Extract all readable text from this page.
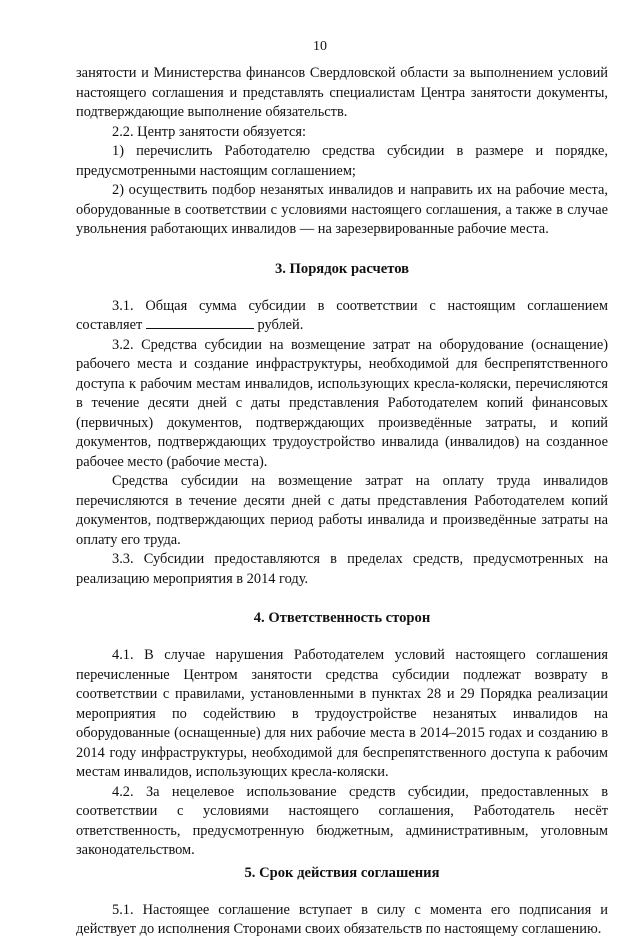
10

занятости и Министерства финансов Свердловской области за выполнением условий настоящего соглашения и представлять специалистам Центра занятости документы, подтверждающие выполнение обязательств.

2.2. Центр занятости обязуется:

1) перечислить Работодателю средства субсидии в размере и порядке, предусмотренными настоящим соглашением;

2) осуществить подбор незанятых инвалидов и направить их на рабочие места, оборудованные в соответствии с условиями настоящего соглашения, а также в случае увольнения работающих инвалидов — на зарезервированные рабочие места.

3. Порядок расчетов

3.1. Общая сумма субсидии в соответствии с настоящим соглашением составляет	рублей.

3.2. Средства субсидии на возмещение затрат на оборудование (оснащение) рабочего места и создание инфраструктуры, необходимой для беспрепятственного доступа к рабочим местам инвалидов, использующих кресла-коляски, перечисляются в течение десяти дней с даты представления Работодателем копий финансовых (первичных) документов, подтверждающих произведённые затраты, и копий документов, подтверждающих трудоустройство инвалида (инвалидов) на созданное рабочее место (рабочие места).

Средства субсидии на возмещение затрат на оплату труда инвалидов перечисляются в течение десяти дней с даты представления Работодателем копий документов, подтверждающих период работы инвалида и произведённые затраты на оплату его труда.

3.3. Субсидии предоставляются в пределах средств, предусмотренных на реализацию мероприятия в 2014 году.

4. Ответственность сторон

4.1. В случае нарушения Работодателем условий настоящего соглашения перечисленные Центром занятости средства субсидии подлежат возврату в соответствии с правилами, установленными в пунктах 28 и 29 Порядка реализации мероприятия по содействию в трудоустройстве незанятых инвалидов на оборудованные (оснащенные) для них рабочие места в 2014–2015 годах и созданию в 2014 году инфраструктуры, необходимой для беспрепятственного доступа к рабочим местам инвалидов, использующих кресла-коляски.

4.2. За нецелевое использование средств субсидии, предоставленных в соответствии с условиями настоящего соглашения, Работодатель несёт ответственность, предусмотренную бюджетным, административным, уголовным законодательством.

5. Срок действия соглашения

5.1. Настоящее соглашение вступает в силу с момента его подписания и действует до исполнения Сторонами своих обязательств по настоящему соглашению.
